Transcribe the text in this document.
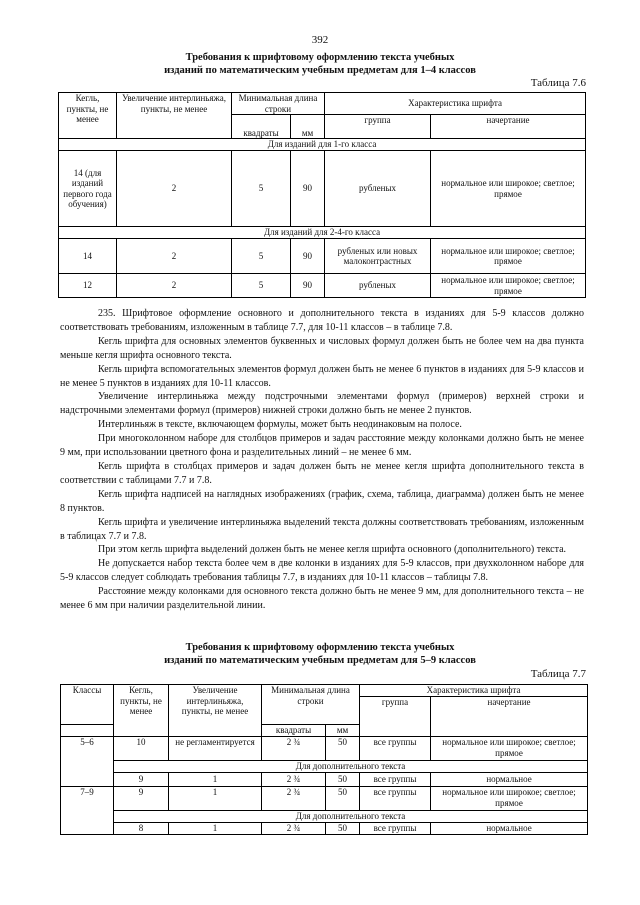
392
Требования к шрифтовому оформлению текста учебных
изданий по математическим учебным предметам для 1–4 классов
Таблица 7.6
Кегль, пункты, не менее	Увеличение интерлиньяжа, пункты, не менее	Минимальная длина строки		Характеристика шрифта	
		квадраты	мм	группа	начертание
Для изданий для 1-го класса					
14 (для изданий первого года обучения)	2	5	90	рубленых	нормальное или широкое; светлое; прямое
Для изданий для 2-4-го класса					
14	2	5	90	рубленых или новых малоконтрастных	нормальное или широкое; светлое; прямое
12	2	5	90	рубленых	нормальное или широкое; светлое; прямое

235. Шрифтовое оформление основного и дополнительного текста в изданиях для 5-9 классов должно соответствовать требованиям, изложенным в таблице 7.7, для 10-11 классов – в таблице 7.8.

Кегль шрифта для основных элементов буквенных и числовых формул должен быть не более чем на два пункта меньше кегля шрифта основного текста.

Кегль шрифта вспомогательных элементов формул должен быть не менее 6 пунктов в изданиях для 5-9 классов и не менее 5 пунктов в изданиях для 10-11 классов.

Увеличение интерлиньяжа между подстрочными элементами формул (примеров) верхней строки и надстрочными элементами формул (примеров) нижней строки должно быть не менее 2 пунктов.

Интерлиньяж в тексте, включающем формулы, может быть неодинаковым на полосе.

При многоколонном наборе для столбцов примеров и задач расстояние между колонками должно быть не менее 9 мм, при использовании цветного фона и разделительных линий – не менее 6 мм.

Кегль шрифта в столбцах примеров и задач должен быть не менее кегля шрифта дополнительного текста в соответствии с таблицами 7.7 и 7.8.

Кегль шрифта надписей на наглядных изображениях (график, схема, таблица, диаграмма) должен быть не менее 8 пунктов.

Кегль шрифта и увеличение интерлиньяжа выделений текста должны соответствовать требованиям, изложенным в таблицах 7.7 и 7.8.

При этом кегль шрифта выделений должен быть не менее кегля шрифта основного (дополнительного) текста.

Не допускается набор текста более чем в две колонки в изданиях для 5-9 классов, при двухколонном наборе для 5-9 классов следует соблюдать требования таблицы 7.7, в изданиях для 10-11 классов – таблицы 7.8.

Расстояние между колонками для основного текста должно быть не менее 9 мм, для дополнительного текста – не менее 6 мм при наличии разделительной линии.

Требования к шрифтовому оформлению текста учебных
изданий по математическим учебным предметам для 5–9 классов
Таблица 7.7
Классы	Кегль, пункты, не менее	Увеличение интерлиньяжа, пункты, не менее	Минимальная длина строки		Характеристика шрифта	
					группа	начертание
			квадраты	мм		
5–6	10	не регламентируется	2 ¾	50	все группы	нормальное или широкое; светлое; прямое
	Для дополнительного текста					
	9	1	2 ¾	50	все группы	нормальное
7–9	9	1	2 ¾	50	все группы	нормальное или широкое; светлое; прямое
	Для дополнительного текста					
	8	1	2 ¾	50	все группы	нормальное
